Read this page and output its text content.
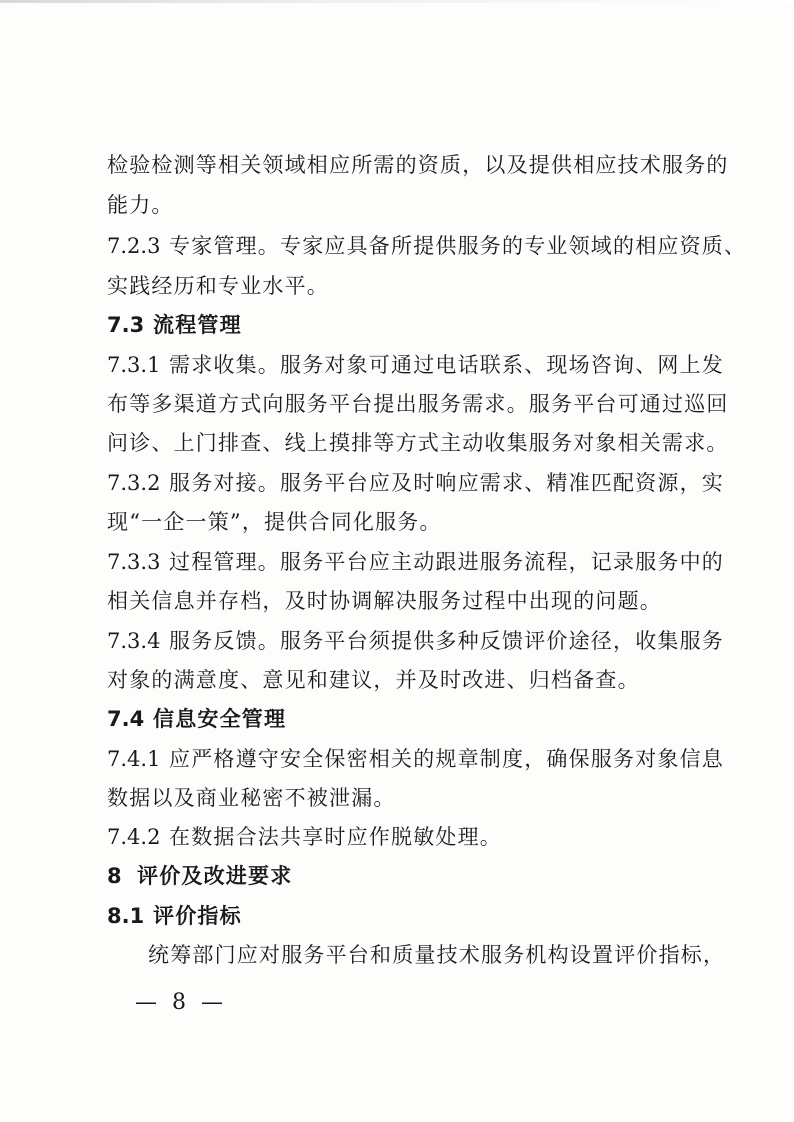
检验检测等相关领域相应所需的资质，以及提供相应技术服务的
能力。
7.2.3 专家管理。专家应具备所提供服务的专业领域的相应资质、
实践经历和专业水平。
7.3 流程管理
7.3.1 需求收集。服务对象可通过电话联系、现场咨询、网上发
布等多渠道方式向服务平台提出服务需求。服务平台可通过巡回
问诊、上门排查、线上摸排等方式主动收集服务对象相关需求。
7.3.2 服务对接。服务平台应及时响应需求、精准匹配资源，实
现“一企一策”，提供合同化服务。
7.3.3 过程管理。服务平台应主动跟进服务流程，记录服务中的
相关信息并存档，及时协调解决服务过程中出现的问题。
7.3.4 服务反馈。服务平台须提供多种反馈评价途径，收集服务
对象的满意度、意见和建议，并及时改进、归档备查。
7.4 信息安全管理
7.4.1 应严格遵守安全保密相关的规章制度，确保服务对象信息
数据以及商业秘密不被泄漏。
7.4.2 在数据合法共享时应作脱敏处理。
8 评价及改进要求
8.1 评价指标
统筹部门应对服务平台和质量技术服务机构设置评价指标，
— 8 —
